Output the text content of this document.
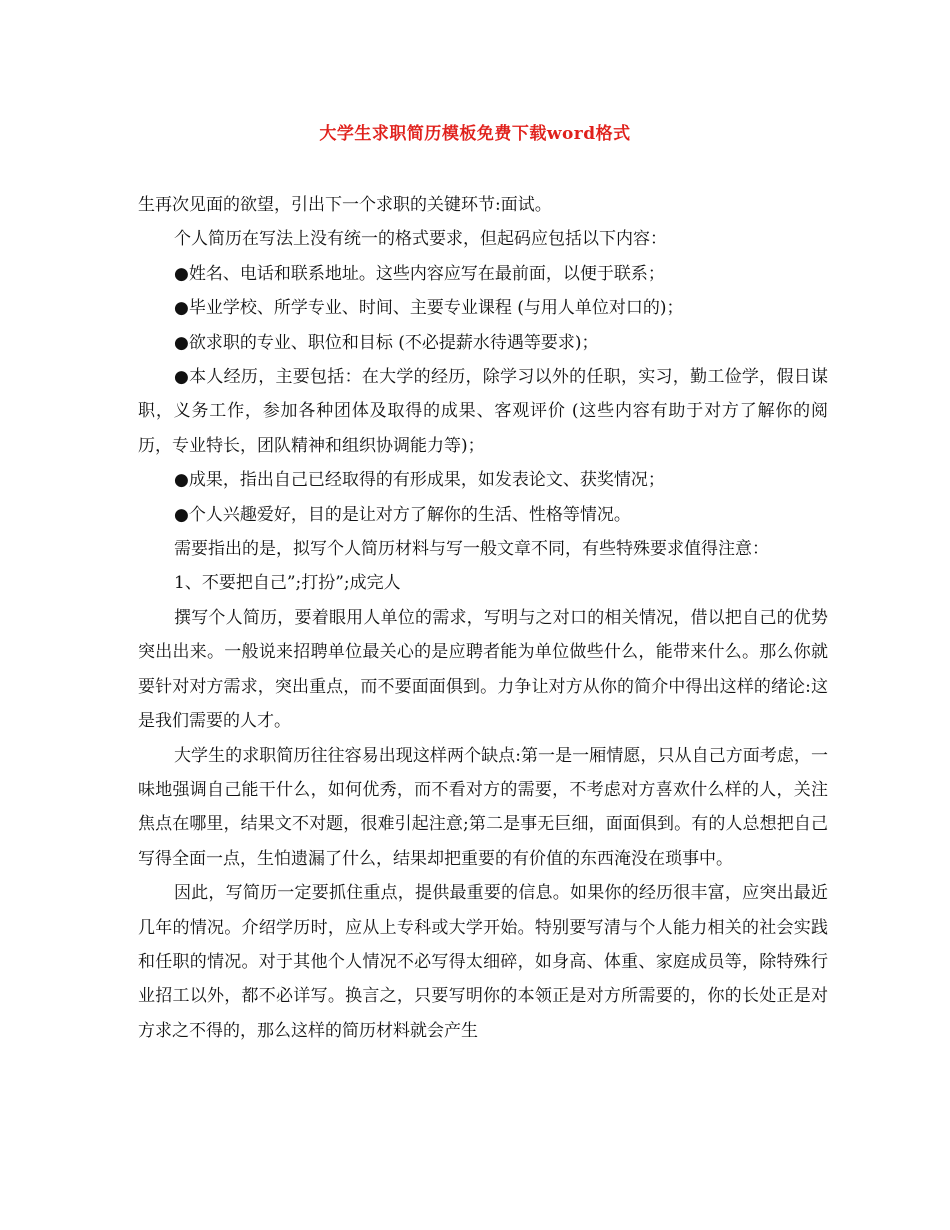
大学生求职简历模板免费下载word格式

生再次见面的欲望，引出下一个求职的关键环节:面试。

个人简历在写法上没有统一的格式要求，但起码应包括以下内容：

●姓名、电话和联系地址。这些内容应写在最前面，以便于联系；

●毕业学校、所学专业、时间、主要专业课程 (与用人单位对口的)；

●欲求职的专业、职位和目标 (不必提薪水待遇等要求)；

●本人经历，主要包括：在大学的经历，除学习以外的任职，实习，勤工俭学，假日谋职，义务工作，参加各种团体及取得的成果、客观评价 (这些内容有助于对方了解你的阅历，专业特长，团队精神和组织协调能力等)；

●成果，指出自己已经取得的有形成果，如发表论文、获奖情况；

●个人兴趣爱好，目的是让对方了解你的生活、性格等情况。

需要指出的是，拟写个人简历材料与写一般文章不同，有些特殊要求值得注意：

1、不要把自己”;打扮”;成完人

撰写个人简历，要着眼用人单位的需求，写明与之对口的相关情况，借以把自己的优势突出出来。一般说来招聘单位最关心的是应聘者能为单位做些什么，能带来什么。那么你就要针对对方需求，突出重点，而不要面面俱到。力争让对方从你的简介中得出这样的绪论:这是我们需要的人才。

大学生的求职简历往往容易出现这样两个缺点:第一是一厢情愿，只从自己方面考虑，一味地强调自己能干什么，如何优秀，而不看对方的需要，不考虑对方喜欢什么样的人，关注焦点在哪里，结果文不对题，很难引起注意;第二是事无巨细，面面俱到。有的人总想把自己写得全面一点，生怕遗漏了什么，结果却把重要的有价值的东西淹没在琐事中。

因此，写简历一定要抓住重点，提供最重要的信息。如果你的经历很丰富，应突出最近几年的情况。介绍学历时，应从上专科或大学开始。特别要写清与个人能力相关的社会实践和任职的情况。对于其他个人情况不必写得太细碎，如身高、体重、家庭成员等，除特殊行业招工以外，都不必详写。换言之，只要写明你的本领正是对方所需要的，你的长处正是对方求之不得的，那么这样的简历材料就会产生
